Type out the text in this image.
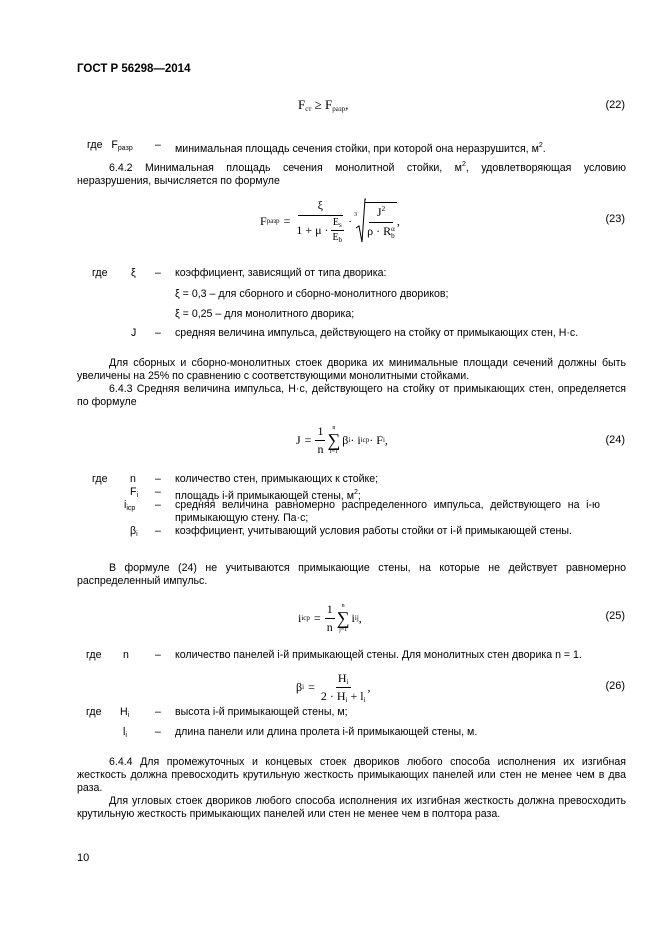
ГОСТ Р 56298—2014
$F_{ст} \ge F_{разр}$,	(22)
где $F_{разр}$ – минимальная площадь сечения стойки, при которой она неразрушится, $м^2$.
6.4.2 Минимальная площадь сечения монолитной стойки, $м^2$, удовлетворяющая условию неразрушения, вычисляется по формуле
F разр = $\frac{\xi}{1 + \mu \cdot \frac{E_s}{E_b}} \cdot 3$ $J^2$
ρ · R α
b ,	(23)
где ξ – коэффициент, зависящий от типа дворика:
ξ = 0,3 – для сборного и сборно-монолитного двориков;
ξ = 0,25 – для монолитного дворика;
J – средняя величина импульса, действующего на стойку от примыкающих стен, Н·с.
Для сборных и сборно-монолитных стоек дворика их минимальные площади сечений должны быть увеличены на 25% по сравнению с соответствующими монолитными стойками.
6.4.3 Средняя величина импульса, Н·с, действующего на стойку от примыкающих стен, определяется по формуле
$J = \frac{1}{n}$ n
∑
i=1
β i · i icp · F i ,	(24)
где n – количество стен, примыкающих к стойке;
$F_i$ – площадь i-й примыкающей стены, $м^2$;
$i_{icp}$ – средняя величина равномерно распределенного импульса, действующего на i-ю примыкающую стену. Па·с;
$\beta_i$ – коэффициент, учитывающий условия работы стойки от i-й примыкающей стены.
В формуле (24) не учитываются примыкающие стены, на которые не действует равномерно распределенный импульс.
i icp = $\frac{1}{n}$ n
∑
j=1
i ij ,	(25)
где n – количество панелей i-й примыкающей стены. Для монолитных стен дворика n = 1.
β $i = \frac{H_i}{2 \cdot H_i + l_i}$ ,	(26)
где $H_i$ – высота i-й примыкающей стены, м;
$l_i$	– длина панели или длина пролета i-й примыкающей стены, м.
6.4.4 Для промежуточных и концевых стоек двориков любого способа исполнения их изгибная жесткость должна превосходить крутильную жесткость примыкающих панелей или стен не менее чем в два раза.
Для угловых стоек двориков любого способа исполнения их изгибная жесткость должна превосходить крутильную жесткость примыкающих панелей или стен не менее чем в полтора раза.
10
